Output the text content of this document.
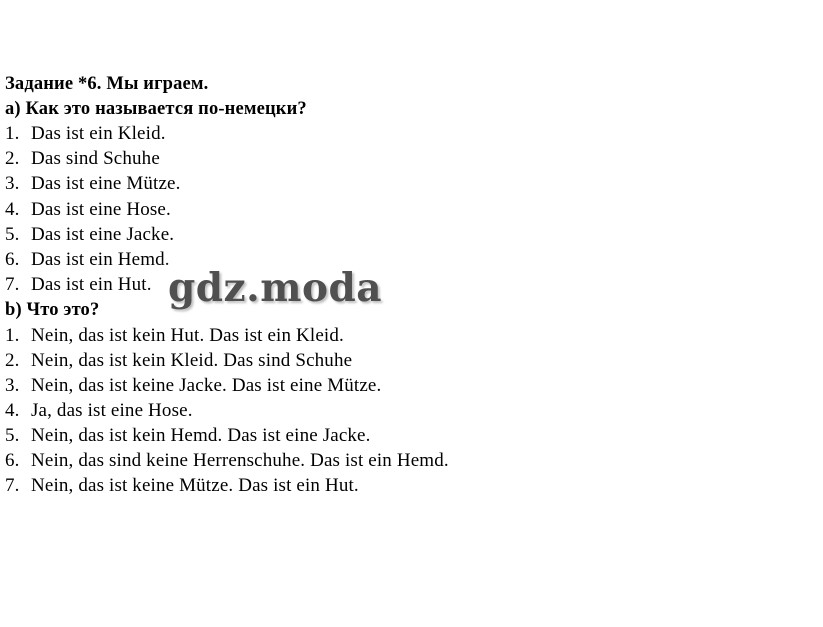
Задание *6. Мы играем.
а) Как это называется по-немецки?
1. Das ist ein Kleid.
2. Das sind Schuhe
3. Das ist eine Mütze.
4. Das ist eine Hose.
5. Das ist eine Jacke.
6. Das ist ein Hemd.
7. Das ist ein Hut.
b) Что это?
1. Nein, das ist kein Hut. Das ist ein Kleid.
2. Nein, das ist kein Kleid. Das sind Schuhe
3. Nein, das ist keine Jacke. Das ist eine Mütze.
4. Ja, das ist eine Hose.
5. Nein, das ist kein Hemd. Das ist eine Jacke.
6. Nein, das sind keine Herrenschuhe. Das ist ein Hemd.
7. Nein, das ist keine Mütze. Das ist ein Hut.
gdz.moda
